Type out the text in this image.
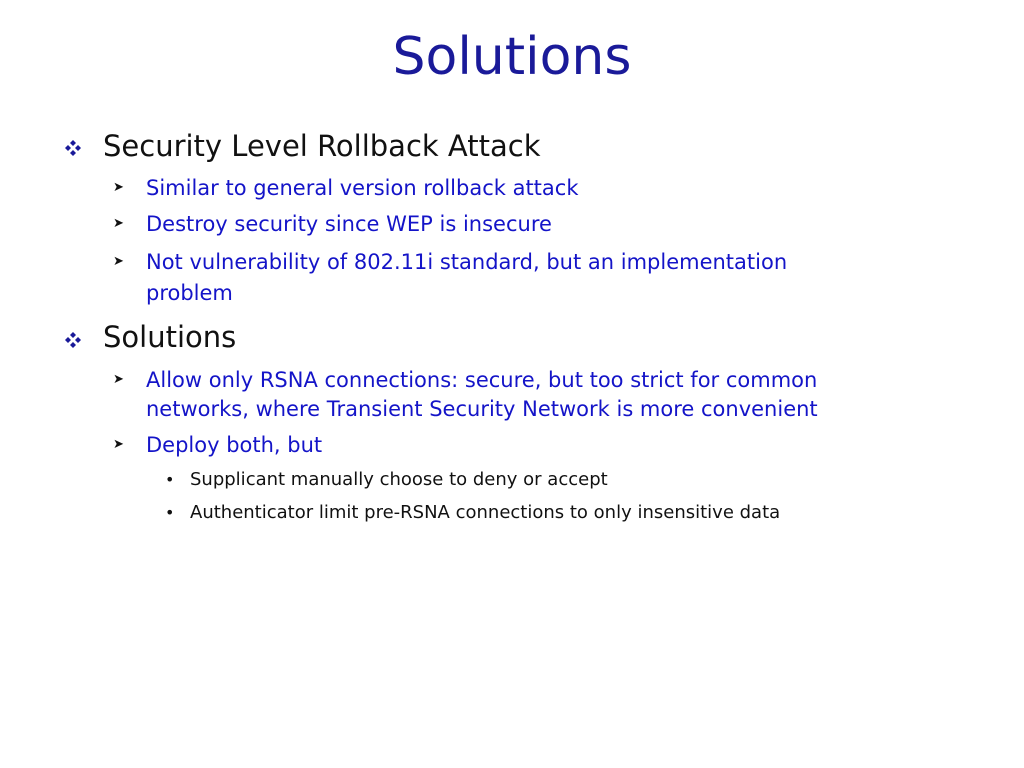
Solutions
Security Level Rollback Attack
➤ Similar to general version rollback attack
➤ Destroy security since WEP is insecure
➤ Not vulnerability of 802.11i standard, but an implementation
problem
Solutions
➤ Allow only RSNA connections: secure, but too strict for common
networks, where Transient Security Network is more convenient
➤ Deploy both, but
• Supplicant manually choose to deny or accept
• Authenticator limit pre-RSNA connections to only insensitive data
